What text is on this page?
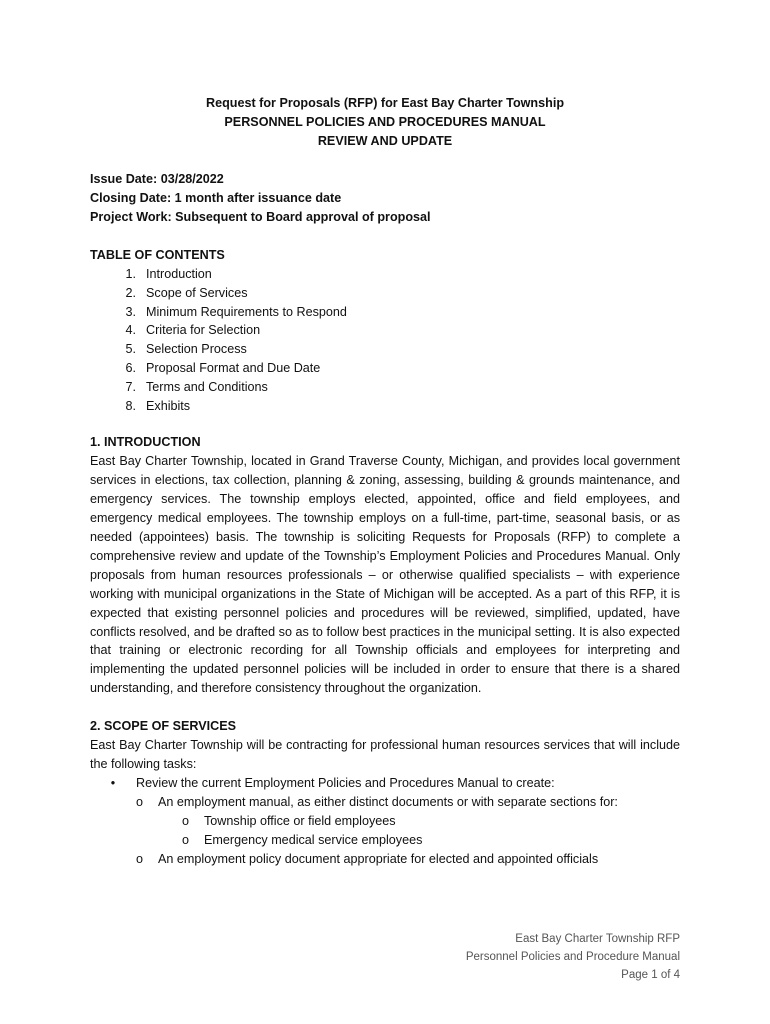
Request for Proposals (RFP) for East Bay Charter Township
PERSONNEL POLICIES AND PROCEDURES MANUAL
REVIEW AND UPDATE
Issue Date: 03/28/2022
Closing Date: 1 month after issuance date
Project Work: Subsequent to Board approval of proposal
TABLE OF CONTENTS
1. Introduction
2. Scope of Services
3. Minimum Requirements to Respond
4. Criteria for Selection
5. Selection Process
6. Proposal Format and Due Date
7. Terms and Conditions
8. Exhibits
1. INTRODUCTION

East Bay Charter Township, located in Grand Traverse County, Michigan, and provides local government services in elections, tax collection, planning & zoning, assessing, building & grounds maintenance, and emergency services. The township employs elected, appointed, office and field employees, and emergency medical employees. The township employs on a full-time, part-time, seasonal basis, or as needed (appointees) basis. The township is soliciting Requests for Proposals (RFP) to complete a comprehensive review and update of the Township’s Employment Policies and Procedures Manual. Only proposals from human resources professionals – or otherwise qualified specialists – with experience working with municipal organizations in the State of Michigan will be accepted. As a part of this RFP, it is expected that existing personnel policies and procedures will be reviewed, simplified, updated, have conflicts resolved, and be drafted so as to follow best practices in the municipal setting. It is also expected that training or electronic recording for all Township officials and employees for interpreting and implementing the updated personnel policies will be included in order to ensure that there is a shared understanding, and therefore consistency throughout the organization.

2. SCOPE OF SERVICES

East Bay Charter Township will be contracting for professional human resources services that will include the following tasks:

•	Review the current Employment Policies and Procedures Manual to create:
o	An employment manual, as either distinct documents or with separate sections for:
o	Township office or field employees
o	Emergency medical service employees
o	An employment policy document appropriate for elected and appointed officials
East Bay Charter Township RFP
Personnel Policies and Procedure Manual
Page 1 of 4
